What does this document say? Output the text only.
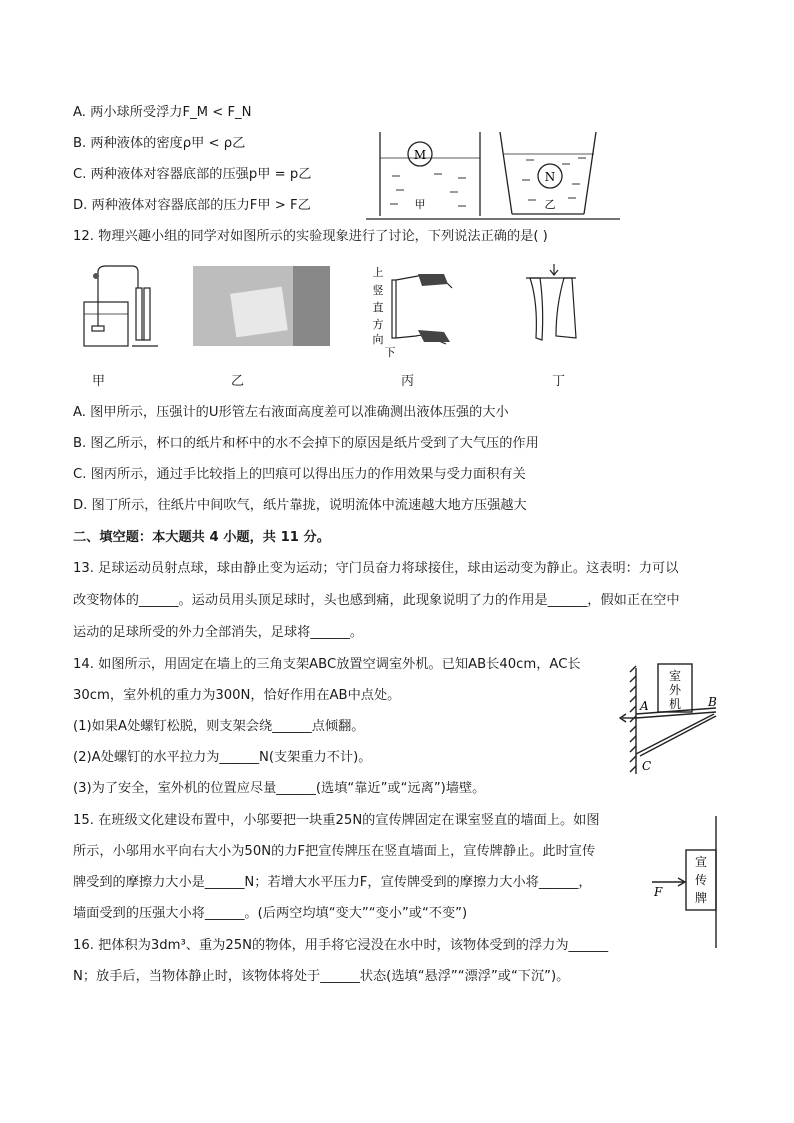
A. 两小球所受浮力F_M < F_N
B. 两种液体的密度ρ甲 < ρ乙
C. 两种液体对容器底部的压强p甲 = p乙
D. 两种液体对容器底部的压力F甲 > F乙
M
N
甲	乙
12. 物理兴趣小组的同学对如图所示的实验现象进行了讨论，下列说法正确的是( )
上
竖
直
方
向
下
甲	乙	丙	丁
A. 图甲所示，压强计的U形管左右液面高度差可以准确测出液体压强的大小
B. 图乙所示，杯口的纸片和杯中的水不会掉下的原因是纸片受到了大气压的作用
C. 图丙所示，通过手比较指上的凹痕可以得出压力的作用效果与受力面积有关
D. 图丁所示，往纸片中间吹气，纸片靠拢，说明流体中流速越大地方压强越大
二、填空题：本大题共 4 小题，共 11 分。
13. 足球运动员射点球，球由静止变为运动；守门员奋力将球接住，球由运动变为静止。这表明：力可以
改变物体的______。运动员用头顶足球时，头也感到痛，此现象说明了力的作用是______，假如正在空中
运动的足球所受的外力全部消失，足球将______。
14. 如图所示，用固定在墙上的三角支架ABC放置空调室外机。已知AB长40cm，AC长
30cm，室外机的重力为300N，恰好作用在AB中点处。
(1)如果A处螺钉松脱，则支架会绕______点倾翻。
(2)A处螺钉的水平拉力为______N(支架重力不计)。
(3)为了安全，室外机的位置应尽量______(选填“靠近”或“远离”)墙壁。
室
外
机
A	B
C
15. 在班级文化建设布置中，小邬要把一块重25N的宣传牌固定在课室竖直的墙面上。如图
所示，小邬用水平向右大小为50N的力F把宣传牌压在竖直墙面上，宣传牌静止。此时宣传
牌受到的摩擦力大小是______N；若增大水平压力F，宣传牌受到的摩擦力大小将______，
墙面受到的压强大小将______。(后两空均填“变大”“变小”或“不变”)
宣
传
牌
F
16. 把体积为3dm³、重为25N的物体，用手将它浸没在水中时，该物体受到的浮力为______
N；放手后，当物体静止时，该物体将处于______状态(选填“悬浮”“漂浮”或“下沉”)。
